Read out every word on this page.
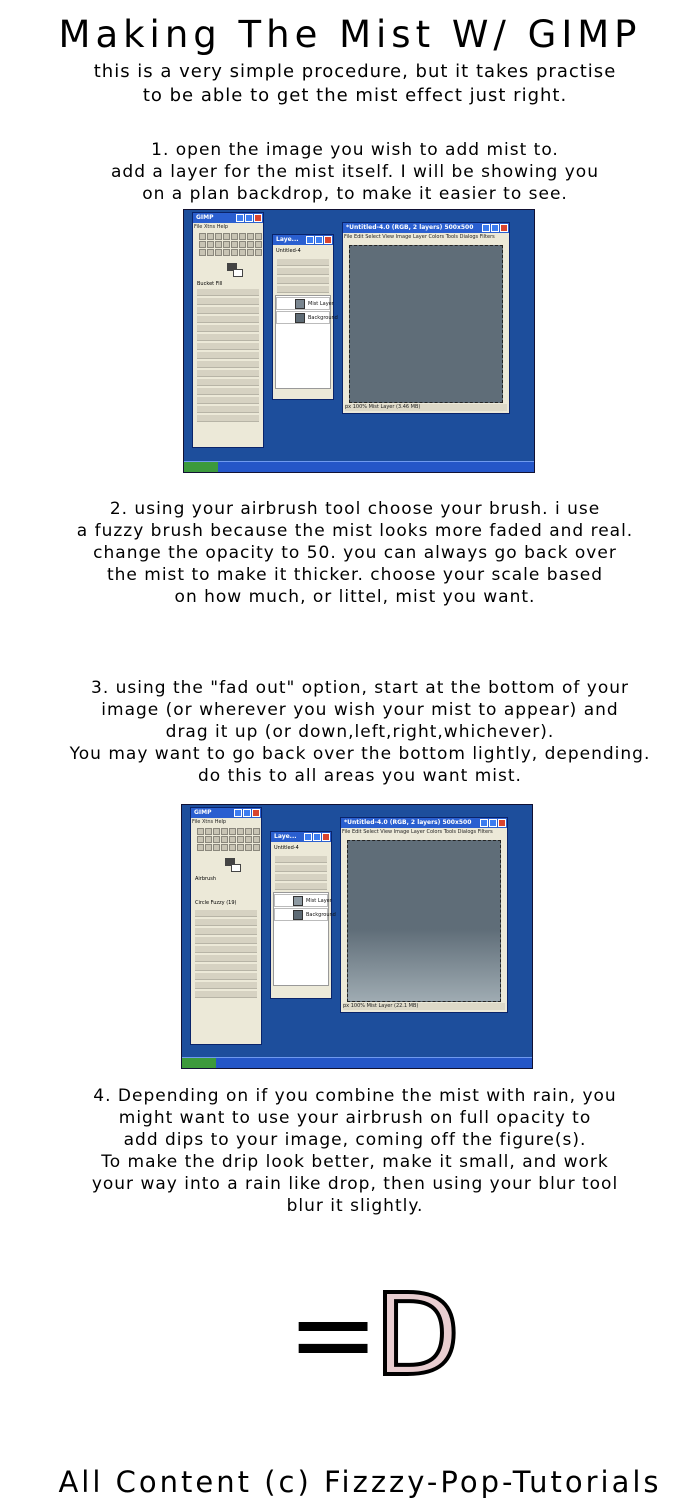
Making The Mist W/ GIMP
this is a very simple procedure, but it takes practise
to be able to get the mist effect just right.
1. open the image you wish to add mist to.
add a layer for the mist itself. I will be showing you
on a plan backdrop, to make it easier to see.
GIMP
File Xtns Help
Bucket Fill
Laye...
Untitled-4
Mist Layer
Background
*Untitled-4.0 (RGB, 2 layers) 500x500
File Edit Select View Image Layer Colors Tools Dialogs Filters
px 100% Mist Layer (3.46 MB)
2. using your airbrush tool choose your brush. i use
a fuzzy brush because the mist looks more faded and real.
change the opacity to 50. you can always go back over
the mist to make it thicker. choose your scale based
on how much, or littel, mist you want.
3. using the "fad out" option, start at the bottom of your
image (or wherever you wish your mist to appear) and
drag it up (or down,left,right,whichever).
You may want to go back over the bottom lightly, depending.
do this to all areas you want mist.
GIMP
File Xtns Help
Airbrush
Circle Fuzzy (19)
Laye...
Untitled-4
Mist Layer
Background
*Untitled-4.0 (RGB, 2 layers) 500x500
File Edit Select View Image Layer Colors Tools Dialogs Filters
px 100% Mist Layer (22.1 MB)
4. Depending on if you combine the mist with rain, you
might want to use your airbrush on full opacity to
add dips to your image, coming off the figure(s).
To make the drip look better, make it small, and work
your way into a rain like drop, then using your blur tool
blur it slightly.
=
D
All Content (c) Fizzzy-Pop-Tutorials
